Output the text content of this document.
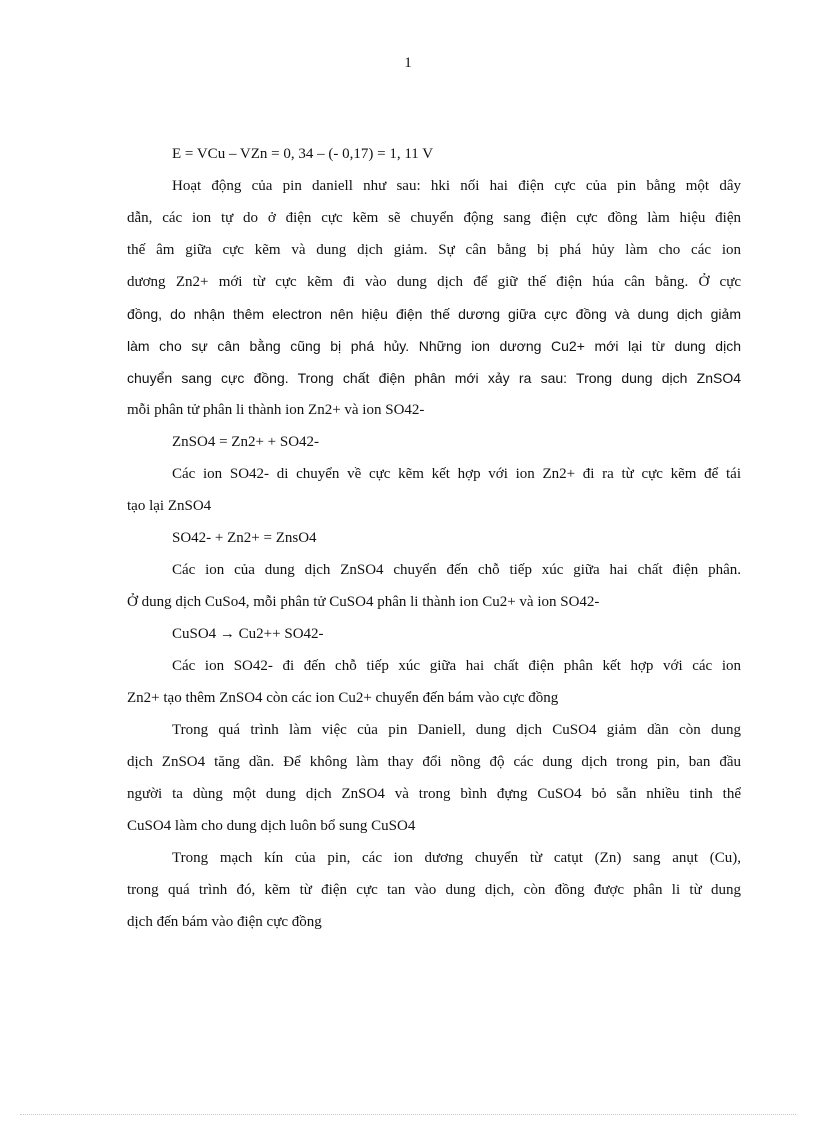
1
E = VCu – VZn = 0, 34 – (- 0,17) = 1, 11 V
Hoạt động của pin daniell như sau: hki nối hai điện cực của pin bằng một dây
dẫn, các ion tự do ở điện cực kẽm sẽ chuyển động sang điện cực đồng làm hiệu điện
thế âm giữa cực kẽm và dung dịch giảm. Sự cân bằng bị phá hủy làm cho các ion
dương Zn2+ mới từ cực kẽm đi vào dung dịch để giữ thế điện húa cân bằng. Ở cực
đồng, do nhận thêm electron nên hiệu điện thế dương giữa cực đồng và dung dịch giảm
làm cho sự cân bằng cũng bị phá hủy. Những ion dương Cu2+ mới lại từ dung dịch
chuyển sang cực đồng. Trong chất điện phân mới xảy ra sau: Trong dung dịch ZnSO4
mỗi phân tử phân li thành ion Zn2+ và ion SO42-
ZnSO4 = Zn2+ + SO42-
Các ion SO42- di chuyển về cực kẽm kết hợp với ion Zn2+ đi ra từ cực kẽm để tái
tạo lại ZnSO4
SO42- + Zn2+ = ZnsO4
Các ion của dung dịch ZnSO4 chuyển đến chỗ tiếp xúc giữa hai chất điện phân.
Ở dung dịch CuSo4, mỗi phân tử CuSO4 phân li thành ion Cu2+ và ion SO42-
CuSO4 → Cu2++ SO42-
Các ion SO42- đi đến chỗ tiếp xúc giữa hai chất điện phân kết hợp với các ion
Zn2+ tạo thêm ZnSO4 còn các ion Cu2+ chuyển đến bám vào cực đồng
Trong quá trình làm việc của pin Daniell, dung dịch CuSO4 giảm dần còn dung
dịch ZnSO4 tăng dần. Để không làm thay đổi nồng độ các dung dịch trong pin, ban đầu
người ta dùng một dung dịch ZnSO4 và trong bình đựng CuSO4 bỏ sẵn nhiều tinh thể
CuSO4 làm cho dung dịch luôn bổ sung CuSO4
Trong mạch kín của pin, các ion dương chuyển từ catụt (Zn) sang anụt (Cu),
trong quá trình đó, kẽm từ điện cực tan vào dung dịch, còn đồng được phân li từ dung
dịch đến bám vào điện cực đồng
